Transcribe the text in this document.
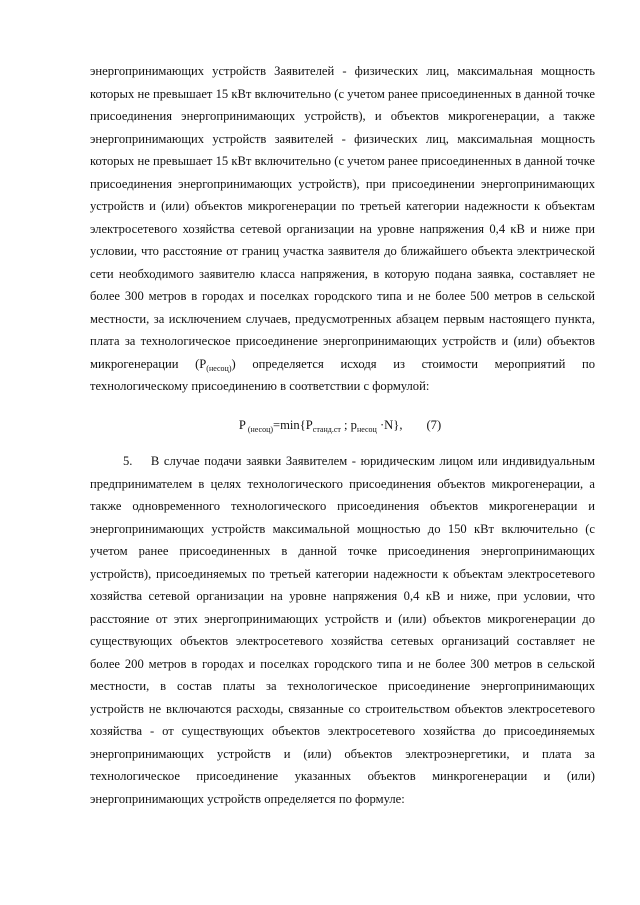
энергопринимающих устройств Заявителей - физических лиц, максимальная мощность которых не превышает 15 кВт включительно (с учетом ранее присоединенных в данной точке присоединения энергопринимающих устройств), и объектов микрогенерации, а также энергопринимающих устройств заявителей - физических лиц, максимальная мощность которых не превышает 15 кВт включительно (с учетом ранее присоединенных в данной точке присоединения энергопринимающих устройств), при присоединении энергопринимающих устройств и (или) объектов микрогенерации по третьей категории надежности к объектам электросетевого хозяйства сетевой организации на уровне напряжения 0,4 кВ и ниже при условии, что расстояние от границ участка заявителя до ближайшего объекта электрической сети необходимого заявителю класса напряжения, в которую подана заявка, составляет не более 300 метров в городах и поселках городского типа и не более 500 метров в сельской местности, за исключением случаев, предусмотренных абзацем первым настоящего пункта, плата за технологическое присоединение энергопринимающих устройств и (или) объектов микрогенерации $(P_{(несоц)})$ определяется исходя из стоимости мероприятий по технологическому присоединению в соответствии с формулой:

P $_{(несоц)}=\min\{P_{станд.ст}$ ; $p_{несоц} \cdot N$}, (7)

5. В случае подачи заявки Заявителем - юридическим лицом или индивидуальным предпринимателем в целях технологического присоединения объектов микрогенерации, а также одновременного технологического присоединения объектов микрогенерации и энергопринимающих устройств максимальной мощностью до 150 кВт включительно (с учетом ранее присоединенных в данной точке присоединения энергопринимающих устройств), присоединяемых по третьей категории надежности к объектам электросетевого хозяйства сетевой организации на уровне напряжения 0,4 кВ и ниже, при условии, что расстояние от этих энергопринимающих устройств и (или) объектов микрогенерации до существующих объектов электросетевого хозяйства сетевых организаций составляет не более 200 метров в городах и поселках городского типа и не более 300 метров в сельской местности, в состав платы за технологическое присоединение энергопринимающих устройств не включаются расходы, связанные со строительством объектов электросетевого хозяйства - от существующих объектов электросетевого хозяйства до присоединяемых энергопринимающих устройств и (или) объектов электроэнергетики, и плата за технологическое присоединение указанных объектов минкрогенерации и (или) энергопринимающих устройств определяется по формуле:
